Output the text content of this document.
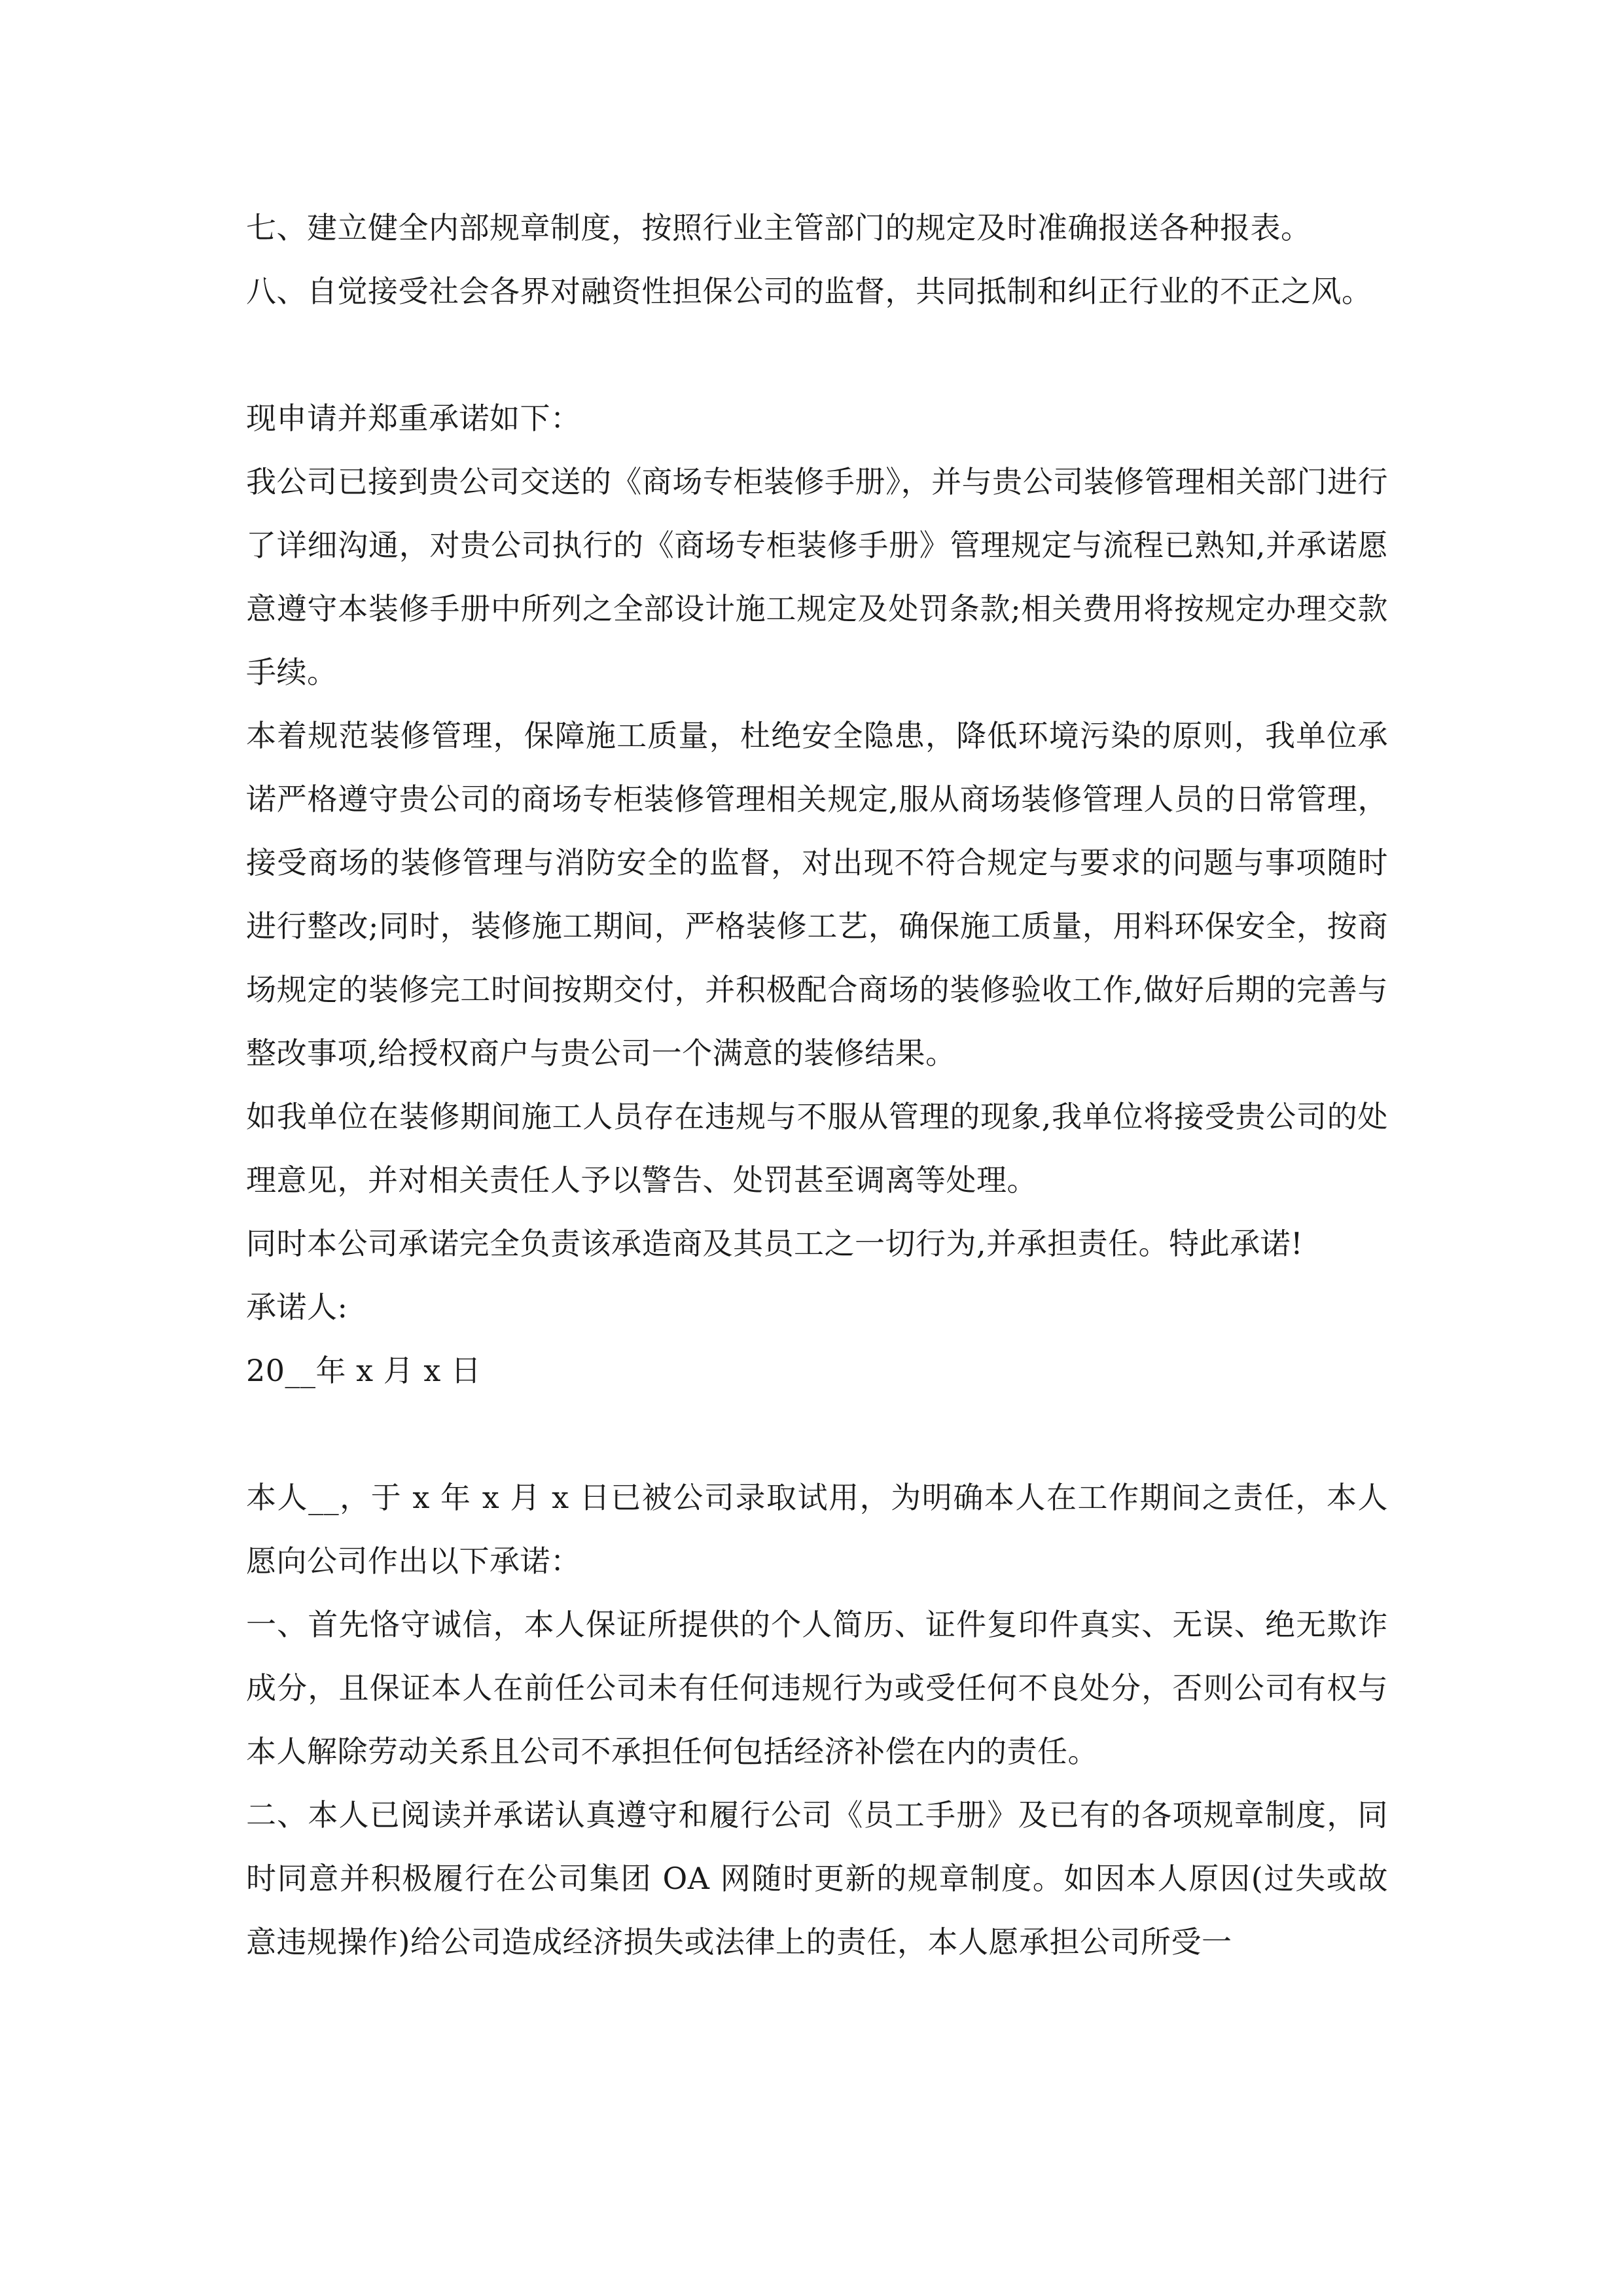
七、建立健全内部规章制度，按照行业主管部门的规定及时准确报送各种报表。

八、自觉接受社会各界对融资性担保公司的监督，共同抵制和纠正行业的不正之风。

现申请并郑重承诺如下：

我公司已接到贵公司交送的《商场专柜装修手册》，并与贵公司装修管理相关部门进行了详细沟通，对贵公司执行的《商场专柜装修手册》管理规定与流程已熟知,并承诺愿意遵守本装修手册中所列之全部设计施工规定及处罚条款;相关费用将按规定办理交款手续。

本着规范装修管理，保障施工质量，杜绝安全隐患，降低环境污染的原则，我单位承诺严格遵守贵公司的商场专柜装修管理相关规定,服从商场装修管理人员的日常管理，接受商场的装修管理与消防安全的监督，对出现不符合规定与要求的问题与事项随时进行整改;同时，装修施工期间，严格装修工艺，确保施工质量，用料环保安全，按商场规定的装修完工时间按期交付，并积极配合商场的装修验收工作,做好后期的完善与整改事项,给授权商户与贵公司一个满意的装修结果。

如我单位在装修期间施工人员存在违规与不服从管理的现象,我单位将接受贵公司的处理意见，并对相关责任人予以警告、处罚甚至调离等处理。

同时本公司承诺完全负责该承造商及其员工之一切行为,并承担责任。特此承诺!

承诺人:

20__年 x 月 x 日

本人__，于 x 年 x 月 x 日已被公司录取试用，为明确本人在工作期间之责任，本人愿向公司作出以下承诺：

一、首先恪守诚信，本人保证所提供的个人简历、证件复印件真实、无误、绝无欺诈成分，且保证本人在前任公司未有任何违规行为或受任何不良处分，否则公司有权与本人解除劳动关系且公司不承担任何包括经济补偿在内的责任。

二、本人已阅读并承诺认真遵守和履行公司《员工手册》及已有的各项规章制度，同时同意并积极履行在公司集团 OA 网随时更新的规章制度。如因本人原因(过失或故意违规操作)给公司造成经济损失或法律上的责任，本人愿承担公司所受一
